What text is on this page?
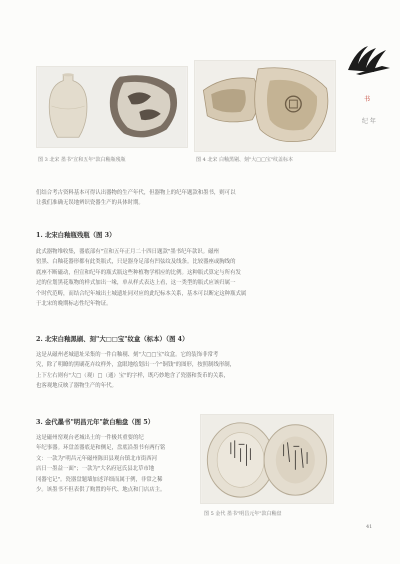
书
纪 年
图 3 北宋 墨书"宣和五年"款白釉瓶残瓶	图 4 北宋 白釉黑剔、刻"大□□宝"纹盖标本
们结合考古资料基本可得认出器物的生产年代，但器物上的纪年题款和墨书，则可以
让我们准确无误地辨识瓷器生产的具体时期。
1. 北宋白釉瓶残瓶（图 3）
此式器物堆收集，器底部有"宣和五年正月二十四日题款"墨书纪年款识。磁州
窑黑、白釉花器形都有此类瓶式，只是器身足部有凹弦纹及线条。比较器座或胸线的
底座不断磁动，但宣和纪年的瓶式瓶这些种植物学相应的比例。这种瓶式算定与所有发
过的位划黑花瓶物的样式加出一缘，单从样式表达上看，这一类型的瓶式应该归属一
个时代范畴，而结合纪年城出土城遗址同对应的此纪标本关系，基本可以断定这种瓶式属
于北宋的晚期标志性纪年物证。
2. 北宋白釉黑刷、刻"大□□宝"纹盒（标本）（图 4）
这是从磁州老城遗址采集的一件白釉剔、刻"大□□宝"纹盒。它的装饰非常考
究，除了明瞭的黑刷花卉纹样外，盒眼地绘划出一个"铜钱"的图形，按照制线形制，
上下左右则有"大□（观）□（通）宝"的字样，既巧妙地含了瓷器和货币的关系，
也客观地反映了器物生产的年代。
3. 金代墨书"明昌元年"款白釉盘（图 5）
这是磁州窑观台老城出土的一件极其重要的纪
年纪事器。环盘盖器底是和侧足，盘底沿墨书有两行铭
文：一款为"明昌元年磁州陈田县观台镇北市街西河
店日一墨益一面"；一款为"大名府冠氏县北草市地
冈器宅记"。瓷器盘题墙加述详细而属于例，非常之稀
少。该墨书不但表供了购置的年代、地点和门店店主。
图 5 金代 墨书"明昌元年"款白釉盘
41
